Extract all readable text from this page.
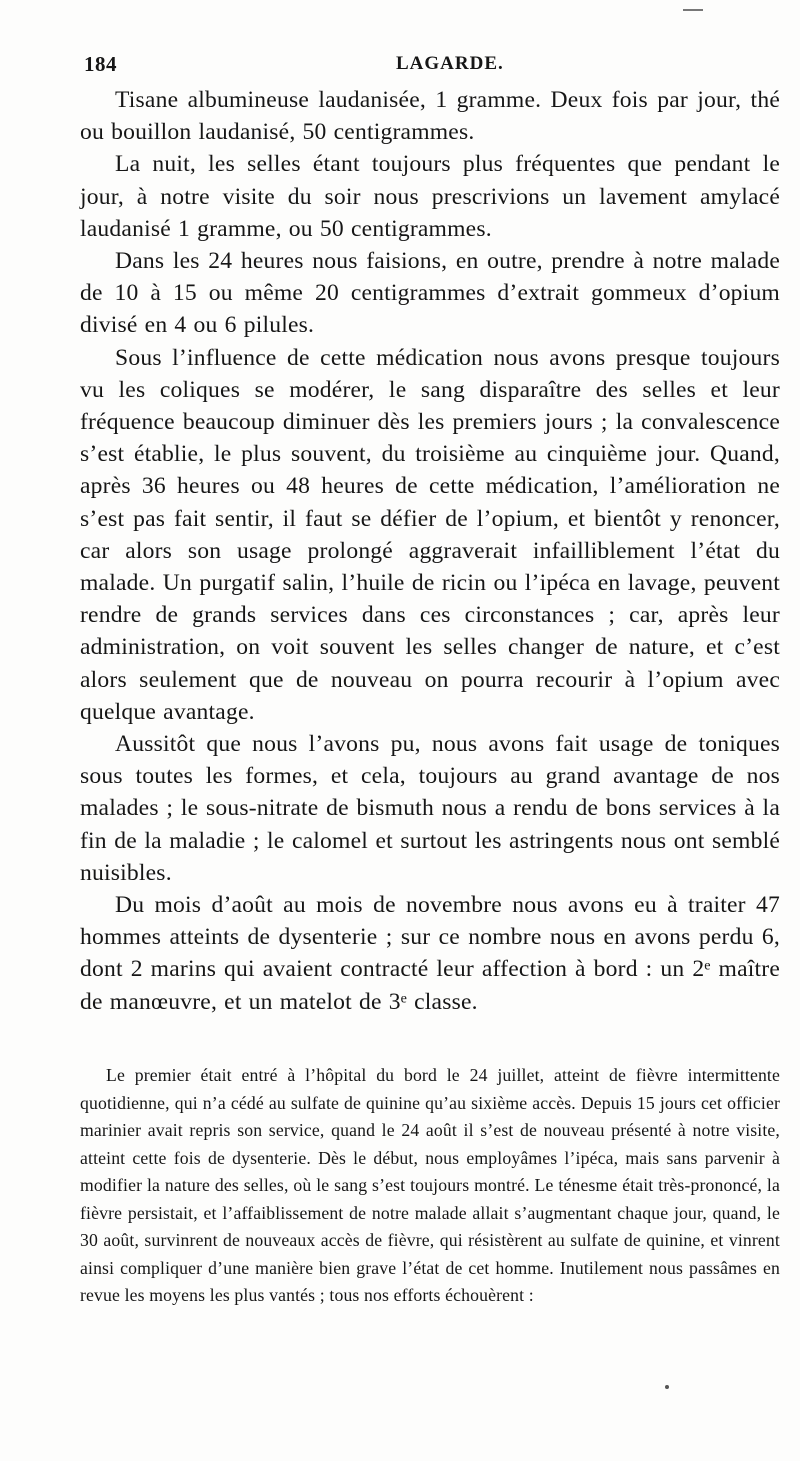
184	LAGARDE.

Tisane albumineuse laudanisée, 1 gramme. Deux fois par jour, thé ou bouillon laudanisé, 50 centigrammes.

La nuit, les selles étant toujours plus fréquentes que pendant le jour, à notre visite du soir nous prescrivions un lavement amylacé laudanisé 1 gramme, ou 50 centigrammes.

Dans les 24 heures nous faisions, en outre, prendre à notre malade de 10 à 15 ou même 20 centigrammes d’extrait gommeux d’opium divisé en 4 ou 6 pilules.

Sous l’influence de cette médication nous avons presque toujours vu les coliques se modérer, le sang disparaître des selles et leur fréquence beaucoup diminuer dès les premiers jours ; la convalescence s’est établie, le plus souvent, du troisième au cinquième jour. Quand, après 36 heures ou 48 heures de cette médication, l’amélioration ne s’est pas fait sentir, il faut se défier de l’opium, et bientôt y renoncer, car alors son usage prolongé aggraverait infailliblement l’état du malade. Un purgatif salin, l’huile de ricin ou l’ipéca en lavage, peuvent rendre de grands services dans ces circonstances ; car, après leur administration, on voit souvent les selles changer de nature, et c’est alors seulement que de nouveau on pourra recourir à l’opium avec quelque avantage.

Aussitôt que nous l’avons pu, nous avons fait usage de toniques sous toutes les formes, et cela, toujours au grand avantage de nos malades ; le sous-nitrate de bismuth nous a rendu de bons services à la fin de la maladie ; le calomel et surtout les astringents nous ont semblé nuisibles.

Du mois d’août au mois de novembre nous avons eu à traiter 47 hommes atteints de dysenterie ; sur ce nombre nous en avons perdu 6, dont 2 marins qui avaient contracté leur affection à bord : un 2ᵉ maître de manœuvre, et un matelot de 3ᵉ classe.

Le premier était entré à l’hôpital du bord le 24 juillet, atteint de fièvre intermittente quotidienne, qui n’a cédé au sulfate de quinine qu’au sixième accès. Depuis 15 jours cet officier marinier avait repris son service, quand le 24 août il s’est de nouveau présenté à notre visite, atteint cette fois de dysenterie. Dès le début, nous employâmes l’ipéca, mais sans parvenir à modifier la nature des selles, où le sang s’est toujours montré. Le ténesme était très-prononcé, la fièvre persistait, et l’affaiblissement de notre malade allait s’augmentant chaque jour, quand, le 30 août, survinrent de nouveaux accès de fièvre, qui résistèrent au sulfate de quinine, et vinrent ainsi compliquer d’une manière bien grave l’état de cet homme. Inutilement nous passâmes en revue les moyens les plus vantés ; tous nos efforts échouèrent :
